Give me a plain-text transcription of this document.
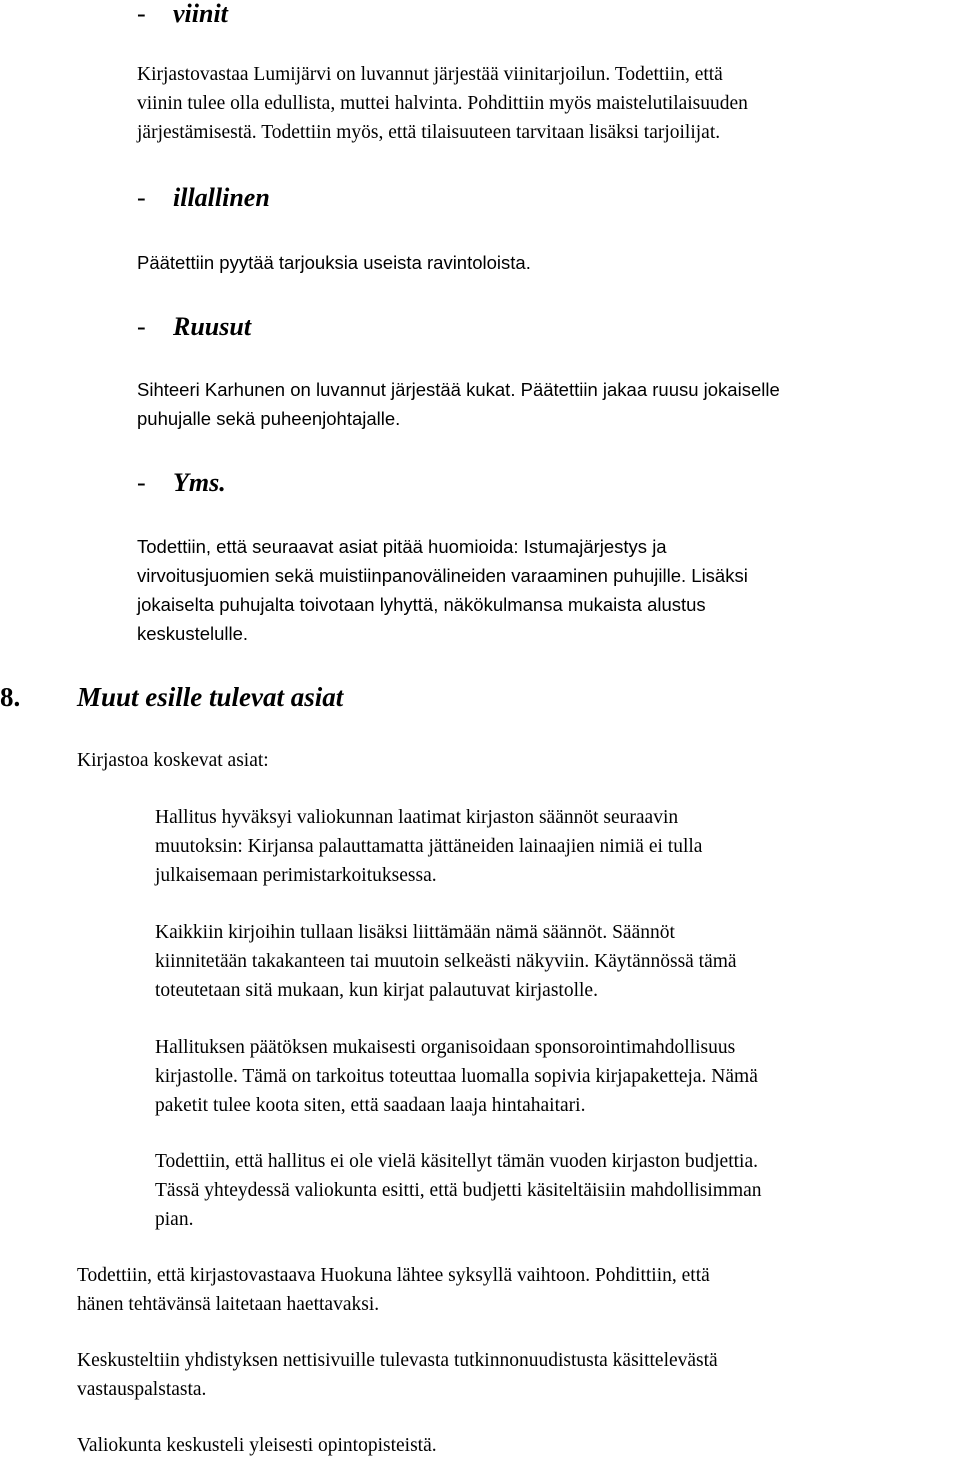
- viinit
Kirjastovastaa Lumijärvi on luvannut järjestää viinitarjoilun. Todettiin, että
viinin tulee olla edullista, muttei halvinta. Pohdittiin myös maistelutilaisuuden
järjestämisestä. Todettiin myös, että tilaisuuteen tarvitaan lisäksi tarjoilijat.
- illallinen
Päätettiin pyytää tarjouksia useista ravintoloista.
- Ruusut
Sihteeri Karhunen on luvannut järjestää kukat. Päätettiin jakaa ruusu jokaiselle
puhujalle sekä puheenjohtajalle.
- Yms.
Todettiin, että seuraavat asiat pitää huomioida: Istumajärjestys ja
virvoitusjuomien sekä muistiinpanovälineiden varaaminen puhujille. Lisäksi
jokaiselta puhujalta toivotaan lyhyttä, näkökulmansa mukaista alustus
keskustelulle.
8. Muut esille tulevat asiat
Kirjastoa koskevat asiat:
Hallitus hyväksyi valiokunnan laatimat kirjaston säännöt seuraavin
muutoksin: Kirjansa palauttamatta jättäneiden lainaajien nimiä ei tulla
julkaisemaan perimistarkoituksessa.
Kaikkiin kirjoihin tullaan lisäksi liittämään nämä säännöt. Säännöt
kiinnitetään takakanteen tai muutoin selkeästi näkyviin. Käytännössä tämä
toteutetaan sitä mukaan, kun kirjat palautuvat kirjastolle.
Hallituksen päätöksen mukaisesti organisoidaan sponsorointimahdollisuus
kirjastolle. Tämä on tarkoitus toteuttaa luomalla sopivia kirjapaketteja. Nämä
paketit tulee koota siten, että saadaan laaja hintahaitari.
Todettiin, että hallitus ei ole vielä käsitellyt tämän vuoden kirjaston budjettia.
Tässä yhteydessä valiokunta esitti, että budjetti käsiteltäisiin mahdollisimman
pian.
Todettiin, että kirjastovastaava Huokuna lähtee syksyllä vaihtoon. Pohdittiin, että
hänen tehtävänsä laitetaan haettavaksi.
Keskusteltiin yhdistyksen nettisivuille tulevasta tutkinnonuudistusta käsittelevästä
vastauspalstasta.
Valiokunta keskusteli yleisesti opintopisteistä.
